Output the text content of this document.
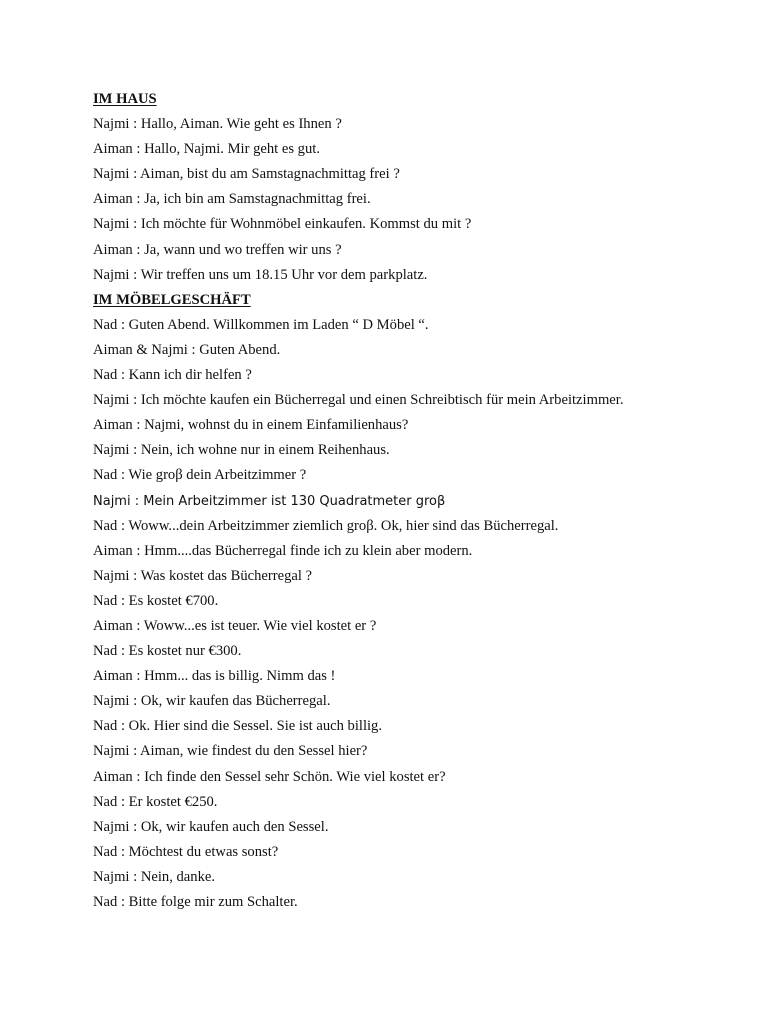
IM HAUS
Najmi : Hallo, Aiman. Wie geht es Ihnen ?
Aiman : Hallo, Najmi. Mir geht es gut.
Najmi : Aiman, bist du am Samstagnachmittag frei ?
Aiman : Ja, ich bin am Samstagnachmittag frei.
Najmi : Ich möchte für Wohnmöbel einkaufen. Kommst du mit ?
Aiman : Ja, wann und wo treffen wir uns ?
Najmi : Wir treffen uns um 18.15 Uhr vor dem parkplatz.
IM MÖBELGESCHÄFT
Nad : Guten Abend. Willkommen im Laden “ D Möbel “.
Aiman & Najmi : Guten Abend.
Nad : Kann ich dir helfen ?
Najmi : Ich möchte kaufen ein Bücherregal und einen Schreibtisch für mein Arbeitzimmer.
Aiman : Najmi, wohnst du in einem Einfamilienhaus?
Najmi : Nein, ich wohne nur in einem Reihenhaus.
Nad : Wie groβ dein Arbeitzimmer ?
Najmi : Mein Arbeitzimmer ist 130 Quadratmeter groβ
Nad : Woww...dein Arbeitzimmer ziemlich groβ. Ok, hier sind das Bücherregal.
Aiman : Hmm....das Bücherregal finde ich zu klein aber modern.
Najmi : Was kostet das Bücherregal ?
Nad : Es kostet €700.
Aiman : Woww...es ist teuer. Wie viel kostet er ?
Nad : Es kostet nur €300.
Aiman : Hmm... das is billig. Nimm das !
Najmi : Ok, wir kaufen das Bücherregal.
Nad : Ok. Hier sind die Sessel. Sie ist auch billig.
Najmi : Aiman, wie findest du den Sessel hier?
Aiman : Ich finde den Sessel sehr Schön. Wie viel kostet er?
Nad : Er kostet €250.
Najmi : Ok, wir kaufen auch den Sessel.
Nad : Möchtest du etwas sonst?
Najmi : Nein, danke.
Nad : Bitte folge mir zum Schalter.
